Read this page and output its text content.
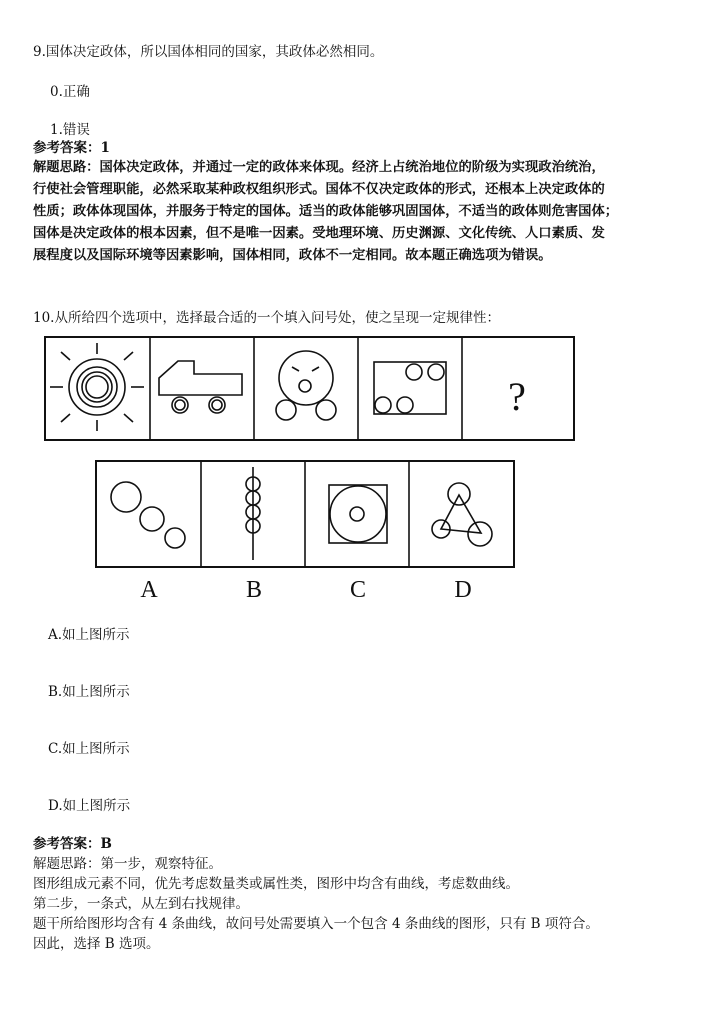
9.国体决定政体，所以国体相同的国家，其政体必然相同。
0.正确
1.错误
参考答案：1
解题思路：国体决定政体，并通过一定的政体来体现。经济上占统治地位的阶级为实现政治统治，
行使社会管理职能，必然采取某种政权组织形式。国体不仅决定政体的形式，还根本上决定政体的
性质；政体体现国体，并服务于特定的国体。适当的政体能够巩固国体，不适当的政体则危害国体；
国体是决定政体的根本因素，但不是唯一因素。受地理环境、历史渊源、文化传统、人口素质、发
展程度以及国际环境等因素影响，国体相同，政体不一定相同。故本题正确选项为错误。
10.从所给四个选项中，选择最合适的一个填入问号处，使之呈现一定规律性：
?
A	B	C	D
A.如上图所示
B.如上图所示
C.如上图所示
D.如上图所示
参考答案：B
解题思路：第一步，观察特征。
图形组成元素不同，优先考虑数量类或属性类，图形中均含有曲线，考虑数曲线。
第二步，一条式，从左到右找规律。
题干所给图形均含有 4 条曲线，故问号处需要填入一个包含 4 条曲线的图形，只有 B 项符合。
因此，选择 B 选项。
